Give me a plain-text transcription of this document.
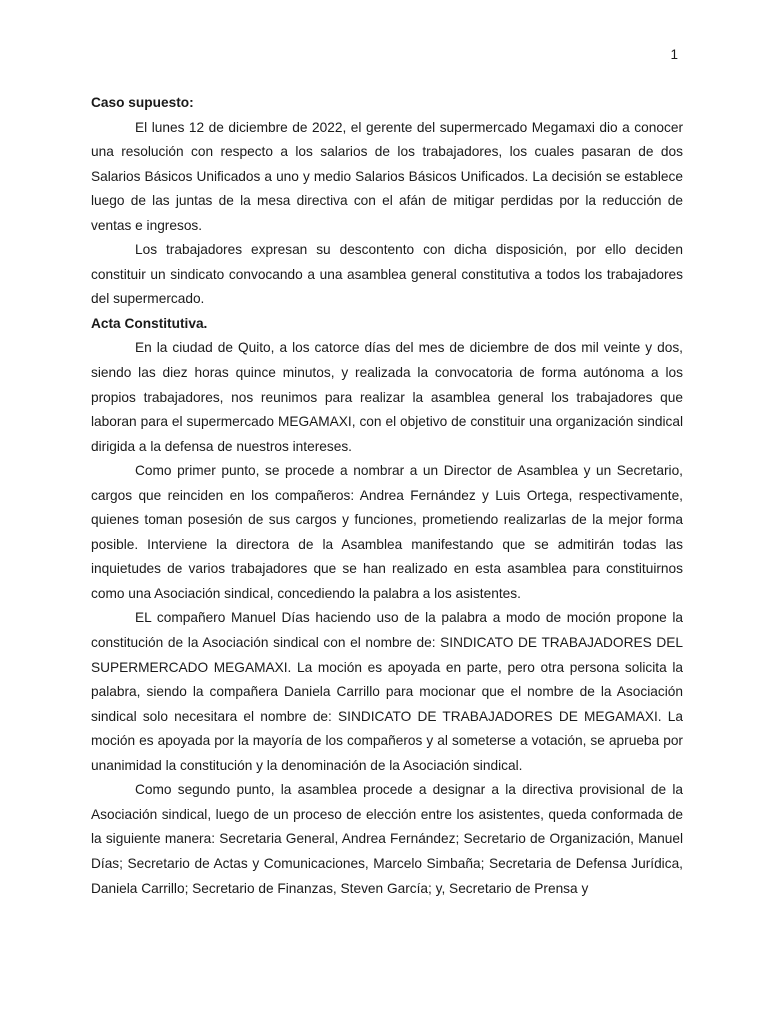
1

Caso supuesto:

El lunes 12 de diciembre de 2022, el gerente del supermercado Megamaxi dio a conocer una resolución con respecto a los salarios de los trabajadores, los cuales pasaran de dos Salarios Básicos Unificados a uno y medio Salarios Básicos Unificados. La decisión se establece luego de las juntas de la mesa directiva con el afán de mitigar perdidas por la reducción de ventas e ingresos.

Los trabajadores expresan su descontento con dicha disposición, por ello deciden constituir un sindicato convocando a una asamblea general constitutiva a todos los trabajadores del supermercado.

Acta Constitutiva.

En la ciudad de Quito, a los catorce días del mes de diciembre de dos mil veinte y dos, siendo las diez horas quince minutos, y realizada la convocatoria de forma autónoma a los propios trabajadores, nos reunimos para realizar la asamblea general los trabajadores que laboran para el supermercado MEGAMAXI, con el objetivo de constituir una organización sindical dirigida a la defensa de nuestros intereses.

Como primer punto, se procede a nombrar a un Director de Asamblea y un Secretario, cargos que reinciden en los compañeros: Andrea Fernández y Luis Ortega, respectivamente, quienes toman posesión de sus cargos y funciones, prometiendo realizarlas de la mejor forma posible. Interviene la directora de la Asamblea manifestando que se admitirán todas las inquietudes de varios trabajadores que se han realizado en esta asamblea para constituirnos como una Asociación sindical, concediendo la palabra a los asistentes.

EL compañero Manuel Días haciendo uso de la palabra a modo de moción propone la constitución de la Asociación sindical con el nombre de: SINDICATO DE TRABAJADORES DEL SUPERMERCADO MEGAMAXI. La moción es apoyada en parte, pero otra persona solicita la palabra, siendo la compañera Daniela Carrillo para mocionar que el nombre de la Asociación sindical solo necesitara el nombre de: SINDICATO DE TRABAJADORES DE MEGAMAXI. La moción es apoyada por la mayoría de los compañeros y al someterse a votación, se aprueba por unanimidad la constitución y la denominación de la Asociación sindical.

Como segundo punto, la asamblea procede a designar a la directiva provisional de la Asociación sindical, luego de un proceso de elección entre los asistentes, queda conformada de la siguiente manera: Secretaria General, Andrea Fernández; Secretario de Organización, Manuel Días; Secretario de Actas y Comunicaciones, Marcelo Simbaña; Secretaria de Defensa Jurídica, Daniela Carrillo; Secretario de Finanzas, Steven García; y, Secretario de Prensa y
